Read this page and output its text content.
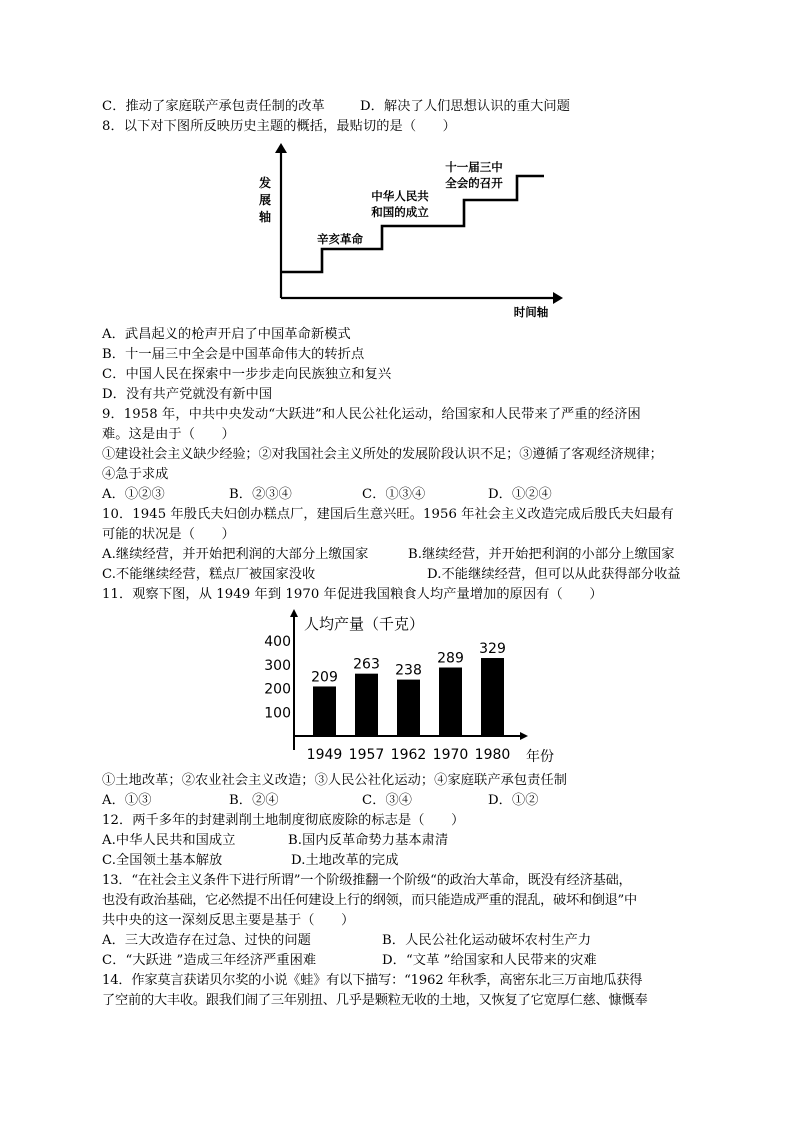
C．推动了家庭联产承包责任制的改革	D．解决了人们思想认识的重大问题
8．以下对下图所反映历史主题的概括，最贴切的是（　　）
发
展
轴
辛亥革命
中华人民共
和国的成立
十一届三中
全会的召开
时间轴
A．武昌起义的枪声开启了中国革命新模式
B．十一届三中全会是中国革命伟大的转折点
C．中国人民在探索中一步步走向民族独立和复兴
D．没有共产党就没有新中国
9．1958 年，中共中央发动“大跃进”和人民公社化运动，给国家和人民带来了严重的经济困
难。这是由于（　　）
①建设社会主义缺少经验；②对我国社会主义所处的发展阶段认识不足；③遵循了客观经济规律；
④急于求成
A．①②③	B．②③④	C．①③④	D．①②④
10．1945 年殷氏夫妇创办糕点厂，建国后生意兴旺。1956 年社会主义改造完成后殷氏夫妇最有
可能的状况是（　　）
A.继续经营，并开始把利润的大部分上缴国家	B.继续经营，并开始把利润的小部分上缴国家
C.不能继续经营，糕点厂被国家没收	D.不能继续经营，但可以从此获得部分收益
11．观察下图，从 1949 年到 1970 年促进我国粮食人均产量增加的原因有（　　）
人均产量（千克）
年份
100
200
300
400
209
1949
263
1957
238
1962
289
1970
329
1980
①土地改革；②农业社会主义改造；③人民公社化运动；④家庭联产承包责任制
A．①③	B．②④	C．③④	D．①②
12．两千多年的封建剥削土地制度彻底废除的标志是（　　）
A.中华人民共和国成立	B.国内反革命势力基本肃清
C.全国领土基本解放	D.土地改革的完成
13．“在社会主义条件下进行所谓”一个阶级推翻一个阶级“的政治大革命，既没有经济基础，
也没有政治基础，它必然提不出任何建设上行的纲领，而只能造成严重的混乱，破坏和倒退”中
共中央的这一深刻反思主要是基于（　　）
A．三大改造存在过急、过快的问题	B．人民公社化运动破坏农村生产力
C．“大跃进 ”造成三年经济严重困难	D．“文革 ”给国家和人民带来的灾难
14．作家莫言获诺贝尔奖的小说《蛙》有以下描写：“1962 年秋季，高密东北三万亩地瓜获得
了空前的大丰收。跟我们闹了三年别扭、几乎是颗粒无收的土地，又恢复了它宽厚仁慈、慷慨奉
